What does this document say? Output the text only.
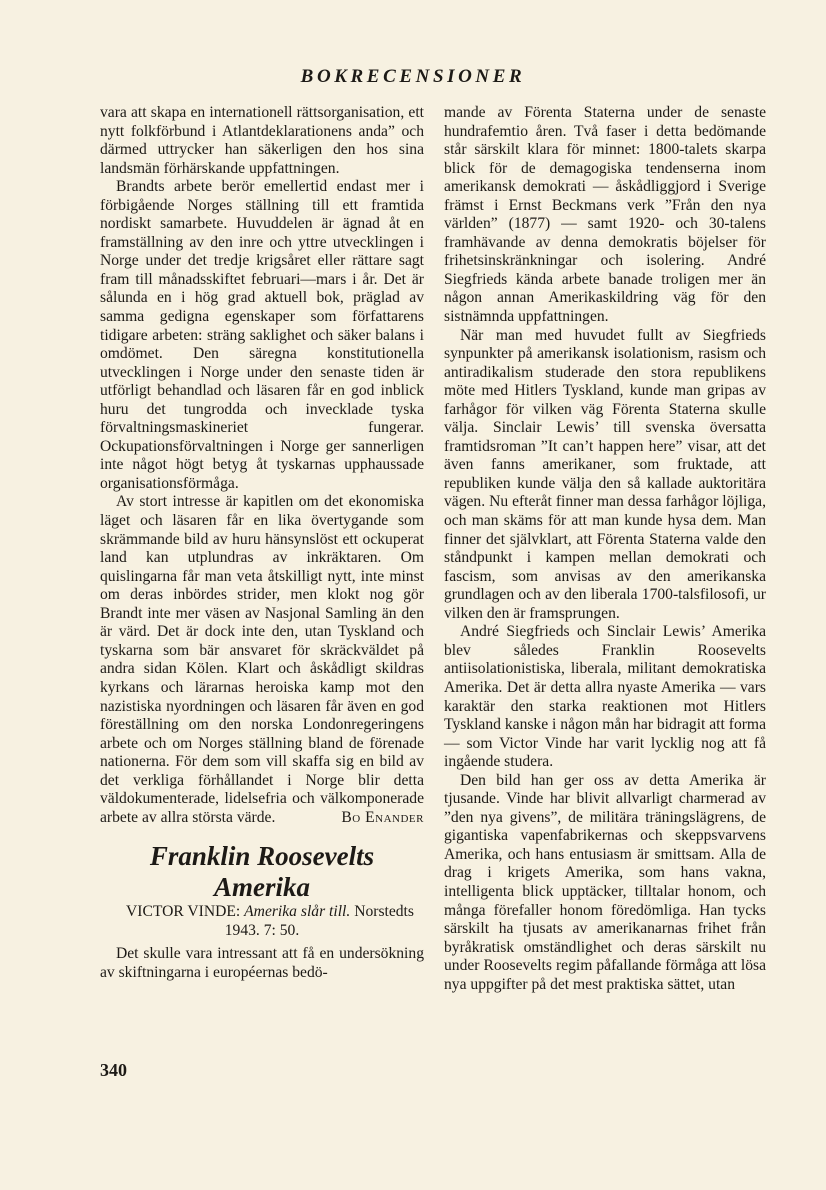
BOKRECENSIONER

vara att skapa en internationell rättsorganisation, ett nytt folkförbund i Atlantdeklarationens anda” och därmed uttrycker han säkerligen den hos sina landsmän förhärskande uppfattningen.

Brandts arbete berör emellertid endast mer i förbigående Norges ställning till ett framtida nordiskt samarbete. Huvuddelen är ägnad åt en framställning av den inre och yttre utvecklingen i Norge under det tredje krigsåret eller rättare sagt fram till månadsskiftet februari—mars i år. Det är sålunda en i hög grad aktuell bok, präglad av samma gedigna egenskaper som författarens tidigare arbeten: sträng saklighet och säker balans i omdömet. Den säregna konstitutionella utvecklingen i Norge under den senaste tiden är utförligt behandlad och läsaren får en god inblick huru det tungrodda och invecklade tyska förvaltningsmaskineriet fungerar. Ockupationsförvaltningen i Norge ger sannerligen inte något högt betyg åt tyskarnas upphaussade organisationsförmåga.

Av stort intresse är kapitlen om det ekonomiska läget och läsaren får en lika övertygande som skrämmande bild av huru hänsynslöst ett ockuperat land kan utplundras av inkräktaren. Om quislingarna får man veta åtskilligt nytt, inte minst om deras inbördes strider, men klokt nog gör Brandt inte mer väsen av Nasjonal Samling än den är värd. Det är dock inte den, utan Tyskland och tyskarna som bär ansvaret för skräckväldet på andra sidan Kölen. Klart och åskådligt skildras kyrkans och lärarnas heroiska kamp mot den nazistiska nyordningen och läsaren får även en god föreställning om den norska Londonregeringens arbete och om Norges ställning bland de förenade nationerna. För dem som vill skaffa sig en bild av det verkliga förhållandet i Norge blir detta väldokumenterade, lidelsefria och välkomponerade arbete av allra största värde.	Bo Enander

Franklin Roosevelts
Amerika

VICTOR VINDE: Amerika slår till. Norstedts 1943. 7: 50.

Det skulle vara intressant att få en undersökning av skiftningarna i européernas bedö-

mande av Förenta Staterna under de senaste hundrafemtio åren. Två faser i detta bedömande står särskilt klara för minnet: 1800-talets skarpa blick för de demagogiska tendenserna inom amerikansk demokrati — åskådliggjord i Sverige främst i Ernst Beckmans verk ”Från den nya världen” (1877) — samt 1920- och 30-talens framhävande av denna demokratis böjelser för frihetsinskränkningar och isolering. André Siegfrieds kända arbete banade troligen mer än någon annan Amerikaskildring väg för den sistnämnda uppfattningen.

När man med huvudet fullt av Siegfrieds synpunkter på amerikansk isolationism, rasism och antiradikalism studerade den stora republikens möte med Hitlers Tyskland, kunde man gripas av farhågor för vilken väg Förenta Staterna skulle välja. Sinclair Lewis’ till svenska översatta framtidsroman ”It can’t happen here” visar, att det även fanns amerikaner, som fruktade, att republiken kunde välja den så kallade auktoritära vägen. Nu efteråt finner man dessa farhågor löjliga, och man skäms för att man kunde hysa dem. Man finner det självklart, att Förenta Staterna valde den ståndpunkt i kampen mellan demokrati och fascism, som anvisas av den amerikanska grundlagen och av den liberala 1700-talsfilosofi, ur vilken den är framsprungen.

André Siegfrieds och Sinclair Lewis’ Amerika blev således Franklin Roosevelts antiisolationistiska, liberala, militant demokratiska Amerika. Det är detta allra nyaste Amerika — vars karaktär den starka reaktionen mot Hitlers Tyskland kanske i någon mån har bidragit att forma — som Victor Vinde har varit lycklig nog att få ingående studera.

Den bild han ger oss av detta Amerika är tjusande. Vinde har blivit allvarligt charmerad av ”den nya givens”, de militära träningslägrens, de gigantiska vapenfabrikernas och skeppsvarvens Amerika, och hans entusiasm är smittsam. Alla de drag i krigets Amerika, som hans vakna, intelligenta blick upptäcker, tilltalar honom, och många förefaller honom föredömliga. Han tycks särskilt ha tjusats av amerikanarnas frihet från byråkratisk omständlighet och deras särskilt nu under Roosevelts regim påfallande förmåga att lösa nya uppgifter på det mest praktiska sättet, utan

340
